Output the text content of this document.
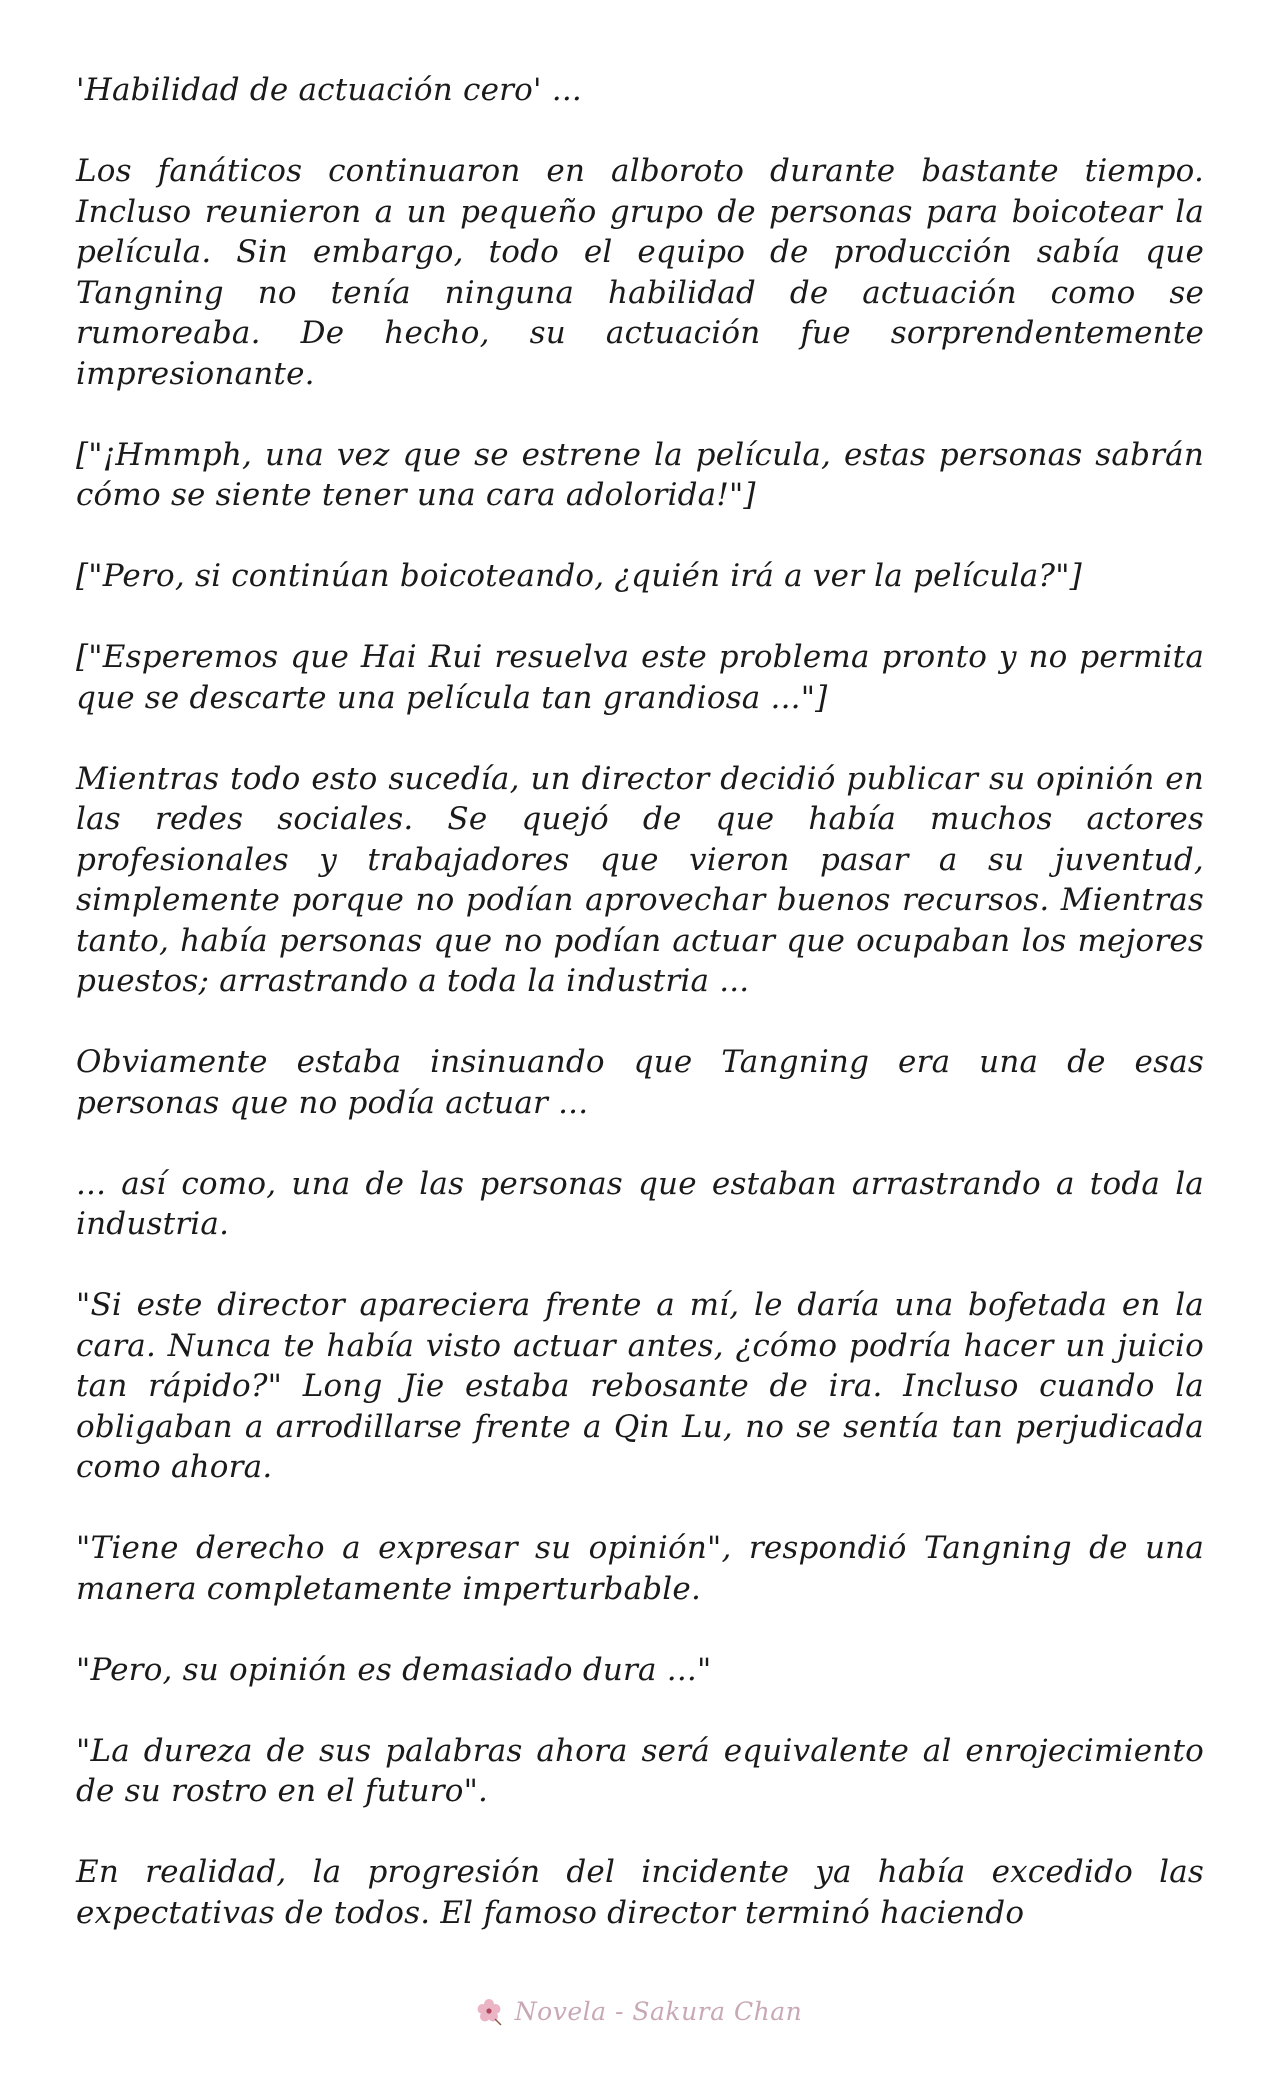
'Habilidad de actuación cero' ...

Los fanáticos continuaron en alboroto durante bastante tiempo. Incluso reunieron a un pequeño grupo de personas para boicotear la película. Sin embargo, todo el equipo de producción sabía que Tangning no tenía ninguna habilidad de actuación como se rumoreaba. De hecho, su actuación fue sorprendentemente impresionante.

["¡Hmmph, una vez que se estrene la película, estas personas sabrán cómo se siente tener una cara adolorida!"]

["Pero, si continúan boicoteando, ¿quién irá a ver la película?"]

["Esperemos que Hai Rui resuelva este problema pronto y no permita que se descarte una película tan grandiosa ..."]

Mientras todo esto sucedía, un director decidió publicar su opinión en las redes sociales. Se quejó de que había muchos actores profesionales y trabajadores que vieron pasar a su juventud, simplemente porque no podían aprovechar buenos recursos. Mientras tanto, había personas que no podían actuar que ocupaban los mejores puestos; arrastrando a toda la industria ...

Obviamente estaba insinuando que Tangning era una de esas personas que no podía actuar ...

... así como, una de las personas que estaban arrastrando a toda la industria.

"Si este director apareciera frente a mí, le daría una bofetada en la cara. Nunca te había visto actuar antes, ¿cómo podría hacer un juicio tan rápido?" Long Jie estaba rebosante de ira. Incluso cuando la obligaban a arrodillarse frente a Qin Lu, no se sentía tan perjudicada como ahora.

"Tiene derecho a expresar su opinión", respondió Tangning de una manera completamente imperturbable.

"Pero, su opinión es demasiado dura ..."

"La dureza de sus palabras ahora será equivalente al enrojecimiento de su rostro en el futuro".

En realidad, la progresión del incidente ya había excedido las expectativas de todos. El famoso director terminó haciendo

Novela - Sakura Chan
